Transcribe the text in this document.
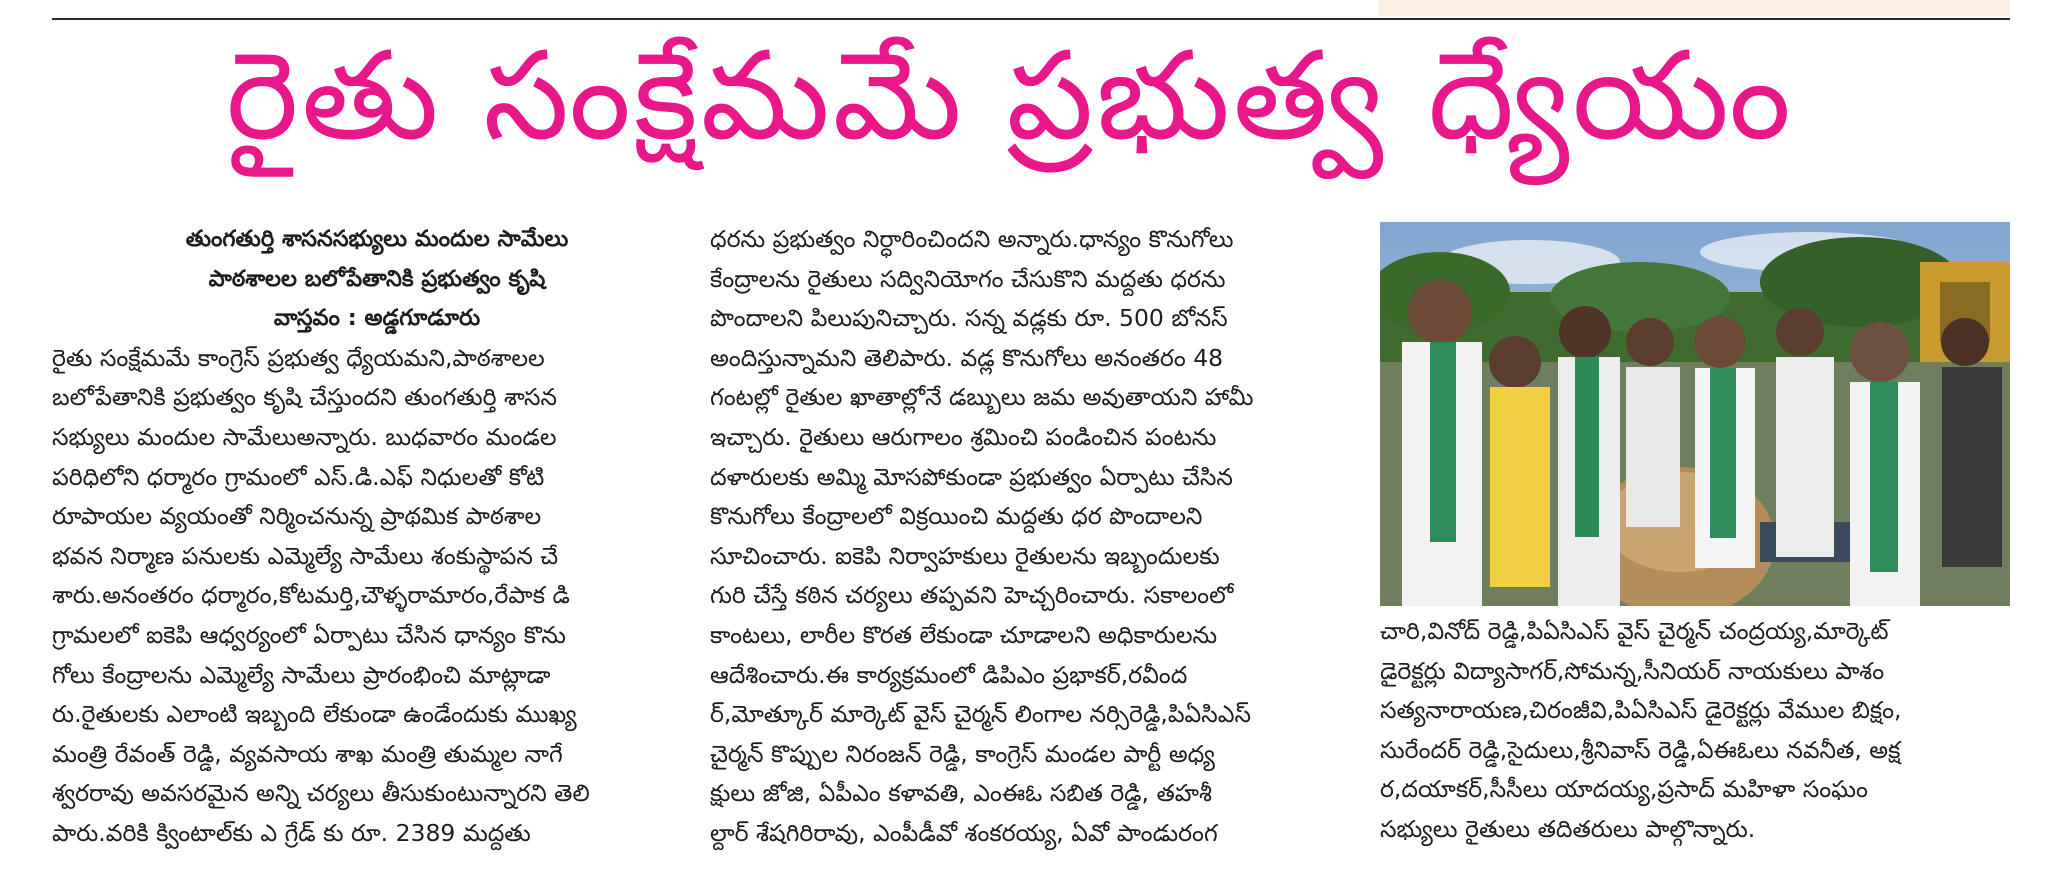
రైతు సంక్షేమమే ప్రభుత్వ ధ్యేయం
తుంగతుర్తి శాసనసభ్యులు మందుల సామేలు
పాఠశాలల బలోపేతానికి ప్రభుత్వం కృషి
వాస్తవం : అడ్డగూడూరు
రైతు సంక్షేమమే కాంగ్రెస్ ప్రభుత్వ ధ్యేయమని,పాఠశాలల
బలోపేతానికి ప్రభుత్వం కృషి చేస్తుందని తుంగతుర్తి శాసన
సభ్యులు మందుల సామేలుఅన్నారు. బుధవారం మండల
పరిధిలోని ధర్మారం గ్రామంలో ఎస్.డి.ఎఫ్ నిధులతో కోటి
రూపాయల వ్యయంతో నిర్మించనున్న ప్రాథమిక పాఠశాల
భవన నిర్మాణ పనులకు ఎమ్మెల్యే సామేలు శంకుస్థాపన చే
శారు.అనంతరం ధర్మారం,కోటమర్తి,చౌళ్ళరామారం,రేపాక డి
గ్రామలలో ఐకెపి ఆధ్వర్యంలో ఏర్పాటు చేసిన ధాన్యం కొను
గోలు కేంద్రాలను ఎమ్మెల్యే సామేలు ప్రారంభించి మాట్లాడా
రు.రైతులకు ఎలాంటి ఇబ్బంది లేకుండా ఉండేందుకు ముఖ్య
మంత్రి రేవంత్ రెడ్డి, వ్యవసాయ శాఖ మంత్రి తుమ్మల నాగే
శ్వరరావు అవసరమైన అన్ని చర్యలు తీసుకుంటున్నారని తెలి
పారు.వరికి క్వింటాల్‌కు ఎ గ్రేడ్ కు రూ. 2389 మద్దతు
ధరను ప్రభుత్వం నిర్ధారించిందని అన్నారు.ధాన్యం కొనుగోలు
కేంద్రాలను రైతులు సద్వినియోగం చేసుకొని మద్దతు ధరను
పొందాలని పిలుపునిచ్చారు. సన్న వడ్లకు రూ. 500 బోనస్
అందిస్తున్నామని తెలిపారు. వడ్ల కొనుగోలు అనంతరం 48
గంటల్లో రైతుల ఖాతాల్లోనే డబ్బులు జమ అవుతాయని హామీ
ఇచ్చారు. రైతులు ఆరుగాలం శ్రమించి పండించిన పంటను
దళారులకు అమ్మి మోసపోకుండా ప్రభుత్వం ఏర్పాటు చేసిన
కొనుగోలు కేంద్రాలలో విక్రయించి మద్దతు ధర పొందాలని
సూచించారు. ఐకెపి నిర్వాహకులు రైతులను ఇబ్బందులకు
గురి చేస్తే కఠిన చర్యలు తప్పవని హెచ్చరించారు. సకాలంలో
కాంటలు, లారీల కొరత లేకుండా చూడాలని అధికారులను
ఆదేశించారు.ఈ కార్యక్రమంలో డిపిఎం ప్రభాకర్,రవీంద
ర్,మోత్కూర్ మార్కెట్ వైస్ చైర్మన్ లింగాల నర్సిరెడ్డి,పిఏసిఎస్
చైర్మన్ కొప్పుల నిరంజన్ రెడ్డి, కాంగ్రెస్ మండల పార్టీ అధ్య
క్షులు జోజి, ఏపీఎం కళావతి, ఎంఈఓ సబిత రెడ్డి, తహశీ
ల్దార్ శేషగిరిరావు, ఎంపీడీవో శంకరయ్య, ఏవో పాండురంగ
చారి,వినోద్ రెడ్డి,పిఏసిఎస్ వైస్ చైర్మన్ చంద్రయ్య,మార్కెట్
డైరెక్టర్లు విద్యాసాగర్,సోమన్న,సీనియర్ నాయకులు పాశం
సత్యనారాయణ,చిరంజీవి,పిఏసిఎస్ డైరెక్టర్లు వేముల బిక్షం,
సురేందర్ రెడ్డి,సైదులు,శ్రీనివాస్ రెడ్డి,ఏఈఓలు నవనీత, అక్ష
ర,దయాకర్,సీసీలు యాదయ్య,ప్రసాద్ మహిళా సంఘం
సభ్యులు రైతులు తదితరులు పాల్గొన్నారు.
